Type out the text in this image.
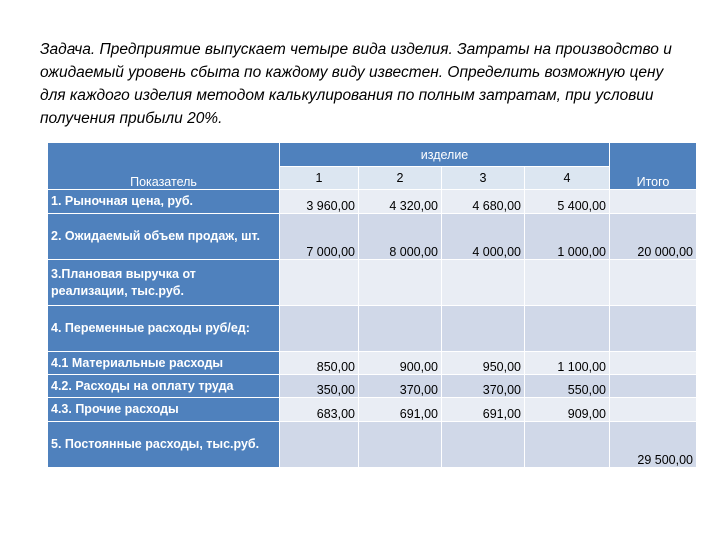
Задача. Предприятие выпускает четыре вида изделия. Затраты на производство и ожидаемый уровень сбыта по каждому виду известен. Определить возможную цену для каждого изделия методом калькулирования по полным затратам, при условии получения прибыли 20%.

Показатель	изделие				Итого
	1	2	3	4	
1. Рыночная цена, руб.	3 960,00	4 320,00	4 680,00	5 400,00	
2. Ожидаемый объем продаж, шт.	7 000,00	8 000,00	4 000,00	1 000,00	20 000,00
3.Плановая выручка от реализации, тыс.руб.					
4. Переменные расходы руб/ед:					
4.1 Материальные расходы	850,00	900,00	950,00	1 100,00	
4.2. Расходы на оплату труда	350,00	370,00	370,00	550,00	
4.3. Прочие расходы	683,00	691,00	691,00	909,00	
5. Постоянные расходы, тыс.руб.					29 500,00
